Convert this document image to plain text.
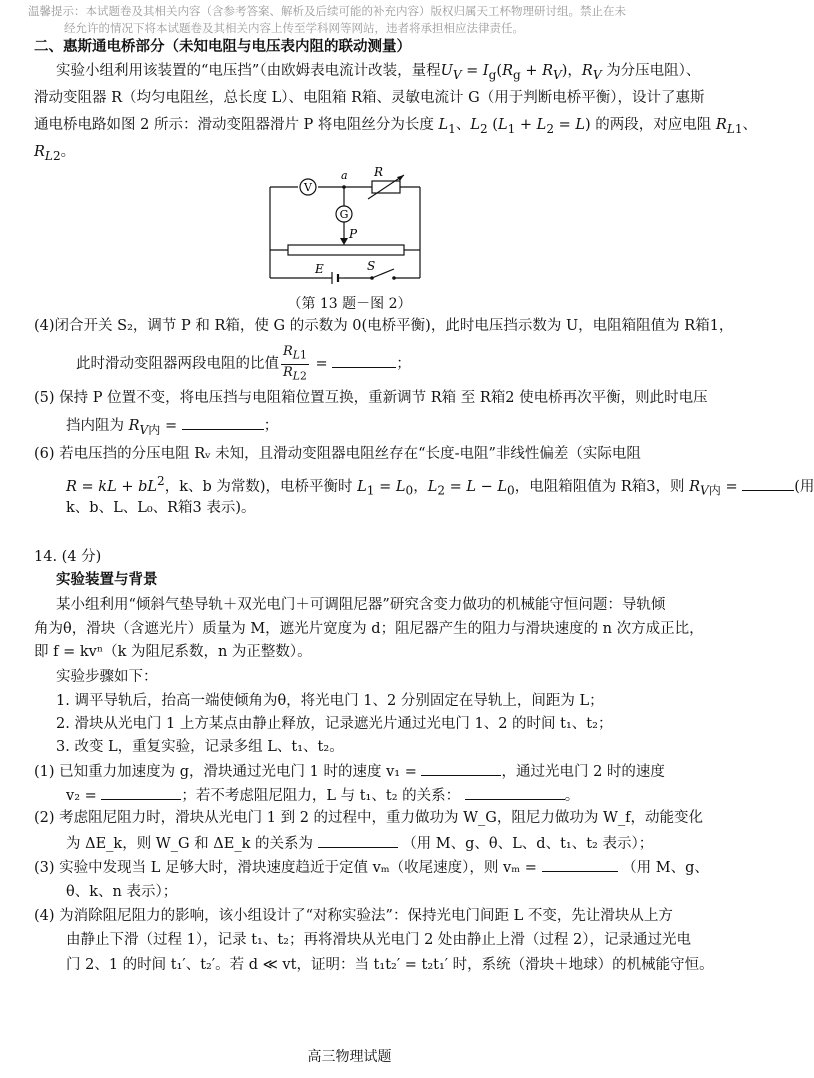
温馨提示：本试题卷及其相关内容（含参考答案、解析及后续可能的补充内容）版权归属天工杯物理研讨组。禁止在未
经允许的情况下将本试题卷及其相关内容上传至学科网等网站，违者将承担相应法律责任。
二、惠斯通电桥部分（未知电阻与电压表内阻的联动测量）
实验小组利用该装置的“电压挡”（由欧姆表电流计改装，量程$U_V = I_g(R_g + R_V)$，$R_V$ 为分压电阻）、
滑动变阻器 R（均匀电阻丝，总长度 L）、电阻箱 R箱、灵敏电流计 G（用于判断电桥平衡），设计了惠斯
通电桥电路如图 2 所示：滑动变阻器滑片 P 将电阻丝分为长度 $L_1$、$L_2$ $(L_1 + L_2 = L)$ 的两段，对应电阻 $R_{L1}$、
$R_{L2}$。
V
a R
G
P
E	S
（第 13 题－图 2）
(4)闭合开关 S₂，调节 P 和 R箱，使 G 的示数为 0(电桥平衡)，此时电压挡示数为 U，电阻箱阻值为 R箱1，
此时滑动变阻器两段电阻的比值 $\frac{R_{L1}}{R_{L2}}$ =	；
(5) 保持 P 位置不变，将电压挡与电阻箱位置互换，重新调节 R箱 至 R箱2 使电桥再次平衡，则此时电压
挡内阻为 $R_{V内}$ =	；
(6) 若电压挡的分压电阻 Rᵥ 未知，且滑动变阻器电阻丝存在“长度-电阻”非线性偏差（实际电阻
R = kL + $bL^2$，k、b 为常数)，电桥平衡时 $L_1 = L_0$，$L_2 = L - L_0$，电阻箱阻值为 R箱3，则 $R_{V内}$ =	(用
k、b、L、L₀、R箱3 表示)。
14. (4 分)
实验装置与背景
某小组利用“倾斜气垫导轨＋双光电门＋可调阻尼器”研究含变力做功的机械能守恒问题：导轨倾
角为θ，滑块（含遮光片）质量为 M，遮光片宽度为 d；阻尼器产生的阻力与滑块速度的 n 次方成正比，
即 f = kvⁿ（k 为阻尼系数，n 为正整数）。
实验步骤如下：
1. 调平导轨后，抬高一端使倾角为θ，将光电门 1、2 分别固定在导轨上，间距为 L；
2. 滑块从光电门 1 上方某点由静止释放，记录遮光片通过光电门 1、2 的时间 t₁、t₂；
3. 改变 L，重复实验，记录多组 L、t₁、t₂。
(1) 已知重力加速度为 g，滑块通过光电门 1 时的速度 v₁ =	，通过光电门 2 时的速度
v₂ =	；若不考虑阻尼阻力，L 与 t₁、t₂ 的关系：	。
(2) 考虑阻尼阻力时，滑块从光电门 1 到 2 的过程中，重力做功为 W_G，阻尼力做功为 W_f，动能变化
为 ΔE_k，则 W_G 和 ΔE_k 的关系为	（用 M、g、θ、L、d、t₁、t₂ 表示）；
(3) 实验中发现当 L 足够大时，滑块速度趋近于定值 vₘ（收尾速度），则 vₘ =	（用 M、g、
θ、k、n 表示）；
(4) 为消除阻尼阻力的影响，该小组设计了“对称实验法”：保持光电门间距 L 不变，先让滑块从上方
由静止下滑（过程 1），记录 t₁、t₂；再将滑块从光电门 2 处由静止上滑（过程 2），记录通过光电
门 2、1 的时间 t₁′、t₂′。若 d ≪ vt，证明：当 t₁t₂′ = t₂t₁′ 时，系统（滑块＋地球）的机械能守恒。
高三物理试题
